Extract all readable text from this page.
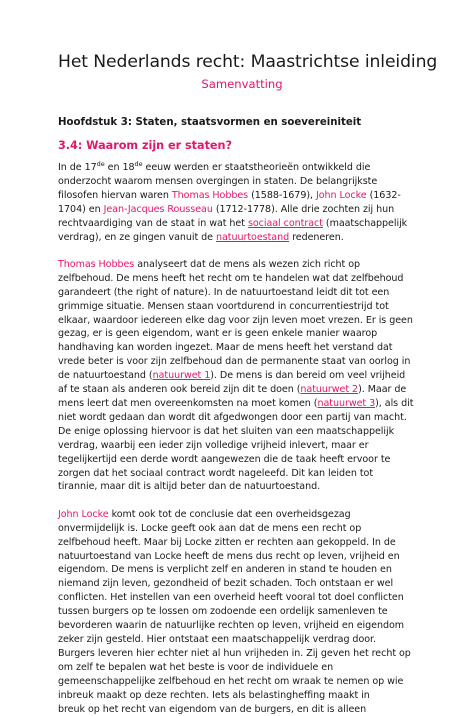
Het Nederlands recht: Maastrichtse inleiding
Samenvatting
Hoofdstuk 3: Staten, staatsvormen en soevereiniteit
3.4: Waarom zijn er staten?

In de 17de en 18de eeuw werden er staatstheorieën ontwikkeld die
onderzocht waarom mensen overgingen in staten. De belangrijkste
filosofen hiervan waren Thomas Hobbes (1588-1679), John Locke (1632-
1704) en Jean-Jacques Rousseau (1712-1778). Alle drie zochten zij hun
rechtvaardiging van de staat in wat het sociaal contract (maatschappelijk
verdrag), en ze gingen vanuit de natuurtoestand redeneren.

Thomas Hobbes analyseert dat de mens als wezen zich richt op
zelfbehoud. De mens heeft het recht om te handelen wat dat zelfbehoud
garandeert (the right of nature). In de natuurtoestand leidt dit tot een
grimmige situatie. Mensen staan voortdurend in concurrentiestrijd tot
elkaar, waardoor iedereen elke dag voor zijn leven moet vrezen. Er is geen
gezag, er is geen eigendom, want er is geen enkele manier waarop
handhaving kan worden ingezet. Maar de mens heeft het verstand dat
vrede beter is voor zijn zelfbehoud dan de permanente staat van oorlog in
de natuurtoestand (natuurwet 1). De mens is dan bereid om veel vrijheid
af te staan als anderen ook bereid zijn dit te doen (natuurwet 2). Maar de
mens leert dat men overeenkomsten na moet komen (natuurwet 3), als dit
niet wordt gedaan dan wordt dit afgedwongen door een partij van macht.
De enige oplossing hiervoor is dat het sluiten van een maatschappelijk
verdrag, waarbij een ieder zijn volledige vrijheid inlevert, maar er
tegelijkertijd een derde wordt aangewezen die de taak heeft ervoor te
zorgen dat het sociaal contract wordt nageleefd. Dit kan leiden tot
tirannie, maar dit is altijd beter dan de natuurtoestand.

John Locke komt ook tot de conclusie dat een overheidsgezag
onvermijdelijk is. Locke geeft ook aan dat de mens een recht op
zelfbehoud heeft. Maar bij Locke zitten er rechten aan gekoppeld. In de
natuurtoestand van Locke heeft de mens dus recht op leven, vrijheid en
eigendom. De mens is verplicht zelf en anderen in stand te houden en
niemand zijn leven, gezondheid of bezit schaden. Toch ontstaan er wel
conflicten. Het instellen van een overheid heeft vooral tot doel conflicten
tussen burgers op te lossen om zodoende een ordelijk samenleven te
bevorderen waarin de natuurlijke rechten op leven, vrijheid en eigendom
zeker zijn gesteld. Hier ontstaat een maatschappelijk verdrag door.
Burgers leveren hier echter niet al hun vrijheden in. Zij geven het recht op
om zelf te bepalen wat het beste is voor de individuele en
gemeenschappelijke zelfbehoud en het recht om wraak te nemen op wie
inbreuk maakt op deze rechten. Iets als belastingheffing maakt in
breuk op het recht van eigendom van de burgers, en dit is alleen
